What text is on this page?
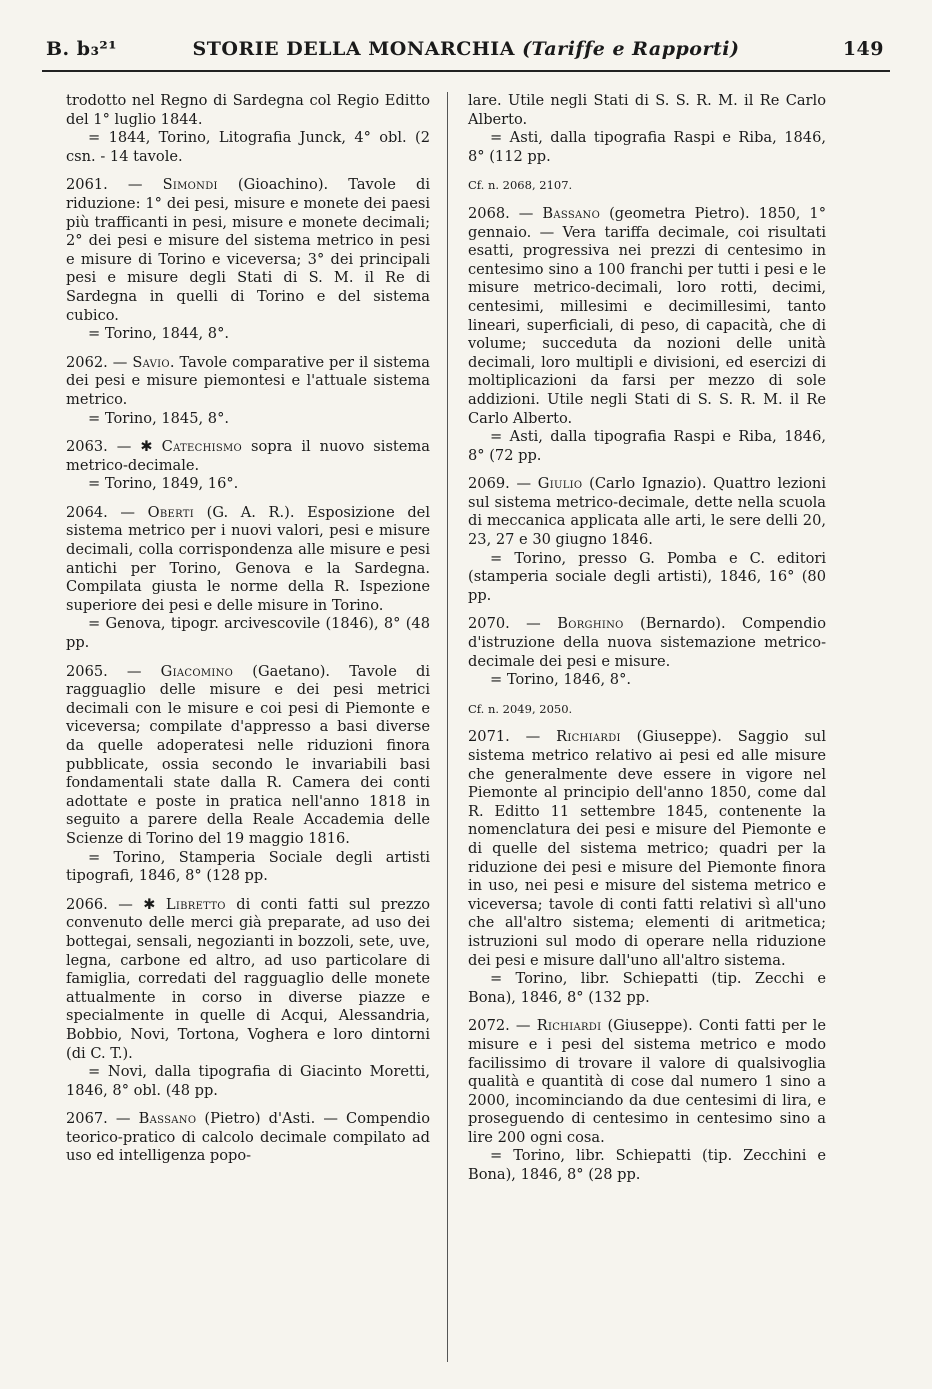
B. b₃²¹	STORIE DELLA MONARCHIA (Tariffe e Rapporti)	149

trodotto nel Regno di Sardegna col Regio Editto del 1° luglio 1844.

= 1844, Torino, Litografia Junck, 4° obl. (2 csn. - 14 tavole.

2061. — Simondi (Gioachino). Tavole di riduzione: 1° dei pesi, misure e monete dei paesi più trafficanti in pesi, misure e monete decimali; 2° dei pesi e misure del sistema metrico in pesi e misure di Torino e viceversa; 3° dei principali pesi e misure degli Stati di S. M. il Re di Sardegna in quelli di Torino e del sistema cubico.

= Torino, 1844, 8°.

2062. — Savio. Tavole comparative per il sistema dei pesi e misure piemontesi e l'attuale sistema metrico.

= Torino, 1845, 8°.

2063. — ✱ Catechismo sopra il nuovo sistema metrico-decimale.

= Torino, 1849, 16°.

2064. — Oberti (G. A. R.). Esposizione del sistema metrico per i nuovi valori, pesi e misure decimali, colla corrispondenza alle misure e pesi antichi per Torino, Genova e la Sardegna. Compilata giusta le norme della R. Ispezione superiore dei pesi e delle misure in Torino.

= Genova, tipogr. arcivescovile (1846), 8° (48 pp.

2065. — Giacomino (Gaetano). Tavole di ragguaglio delle misure e dei pesi metrici decimali con le misure e coi pesi di Piemonte e viceversa; compilate d'appresso a basi diverse da quelle adoperatesi nelle riduzioni finora pubblicate, ossia secondo le invariabili basi fondamentali state dalla R. Camera dei conti adottate e poste in pratica nell'anno 1818 in seguito a parere della Reale Accademia delle Scienze di Torino del 19 maggio 1816.

= Torino, Stamperia Sociale degli artisti tipografi, 1846, 8° (128 pp.

2066. — ✱ Libretto di conti fatti sul prezzo convenuto delle merci già preparate, ad uso dei bottegai, sensali, negozianti in bozzoli, sete, uve, legna, carbone ed altro, ad uso particolare di famiglia, corredati del ragguaglio delle monete attualmente in corso in diverse piazze e specialmente in quelle di Acqui, Alessandria, Bobbio, Novi, Tortona, Voghera e loro dintorni (di C. T.).

= Novi, dalla tipografia di Giacinto Moretti, 1846, 8° obl. (48 pp.

2067. — Bassano (Pietro) d'Asti. — Compendio teorico-pratico di calcolo decimale compilato ad uso ed intelligenza popo-

lare. Utile negli Stati di S. S. R. M. il Re Carlo Alberto.

= Asti, dalla tipografia Raspi e Riba, 1846, 8° (112 pp.

Cf. n. 2068, 2107.

2068. — Bassano (geometra Pietro). 1850, 1° gennaio. — Vera tariffa decimale, coi risultati esatti, progressiva nei prezzi di centesimo in centesimo sino a 100 franchi per tutti i pesi e le misure metrico-decimali, loro rotti, decimi, centesimi, millesimi e decimillesimi, tanto lineari, superficiali, di peso, di capacità, che di volume; succeduta da nozioni delle unità decimali, loro multipli e divisioni, ed esercizi di moltiplicazioni da farsi per mezzo di sole addizioni. Utile negli Stati di S. S. R. M. il Re Carlo Alberto.

= Asti, dalla tipografia Raspi e Riba, 1846, 8° (72 pp.

2069. — Giulio (Carlo Ignazio). Quattro lezioni sul sistema metrico-decimale, dette nella scuola di meccanica applicata alle arti, le sere delli 20, 23, 27 e 30 giugno 1846.

= Torino, presso G. Pomba e C. editori (stamperia sociale degli artisti), 1846, 16° (80 pp.

2070. — Borghino (Bernardo). Compendio d'istruzione della nuova sistemazione metrico-decimale dei pesi e misure.

= Torino, 1846, 8°.

Cf. n. 2049, 2050.

2071. — Richiardi (Giuseppe). Saggio sul sistema metrico relativo ai pesi ed alle misure che generalmente deve essere in vigore nel Piemonte al principio dell'anno 1850, come dal R. Editto 11 settembre 1845, contenente la nomenclatura dei pesi e misure del Piemonte e di quelle del sistema metrico; quadri per la riduzione dei pesi e misure del Piemonte finora in uso, nei pesi e misure del sistema metrico e viceversa; tavole di conti fatti relativi sì all'uno che all'altro sistema; elementi di aritmetica; istruzioni sul modo di operare nella riduzione dei pesi e misure dall'uno all'altro sistema.

= Torino, libr. Schiepatti (tip. Zecchi e Bona), 1846, 8° (132 pp.

2072. — Richiardi (Giuseppe). Conti fatti per le misure e i pesi del sistema metrico e modo facilissimo di trovare il valore di qualsivoglia qualità e quantità di cose dal numero 1 sino a 2000, incominciando da due centesimi di lira, e proseguendo di centesimo in centesimo sino a lire 200 ogni cosa.

= Torino, libr. Schiepatti (tip. Zecchini e Bona), 1846, 8° (28 pp.
